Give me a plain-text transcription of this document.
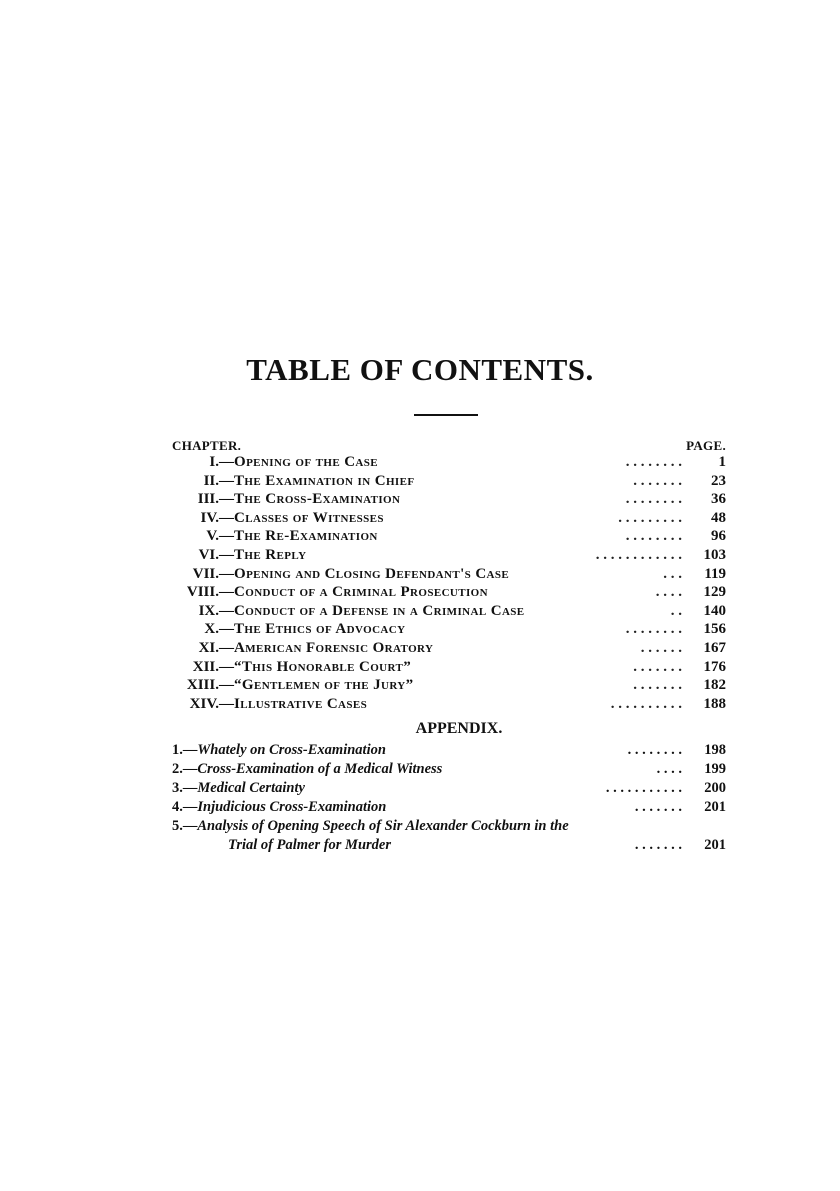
TABLE OF CONTENTS.
CHAPTER.	PAGE.
I.— Opening of the Case	. . . . . . . . 1
II.— The Examination in Chief	. . . . . . . 23
III.— The Cross-Examination	. . . . . . . . 36
IV.— Classes of Witnesses	. . . . . . . . . 48
V.— The Re-Examination	. . . . . . . . 96
VI.— The Reply	. . . . . . . . . . . . 103
VII.— Opening and Closing Defendant's Case	. . . 119
VIII.— Conduct of a Criminal Prosecution	. . . . 129
IX.— Conduct of a Defense in a Criminal Case	. . 140
X.— The Ethics of Advocacy	. . . . . . . . 156
XI.— American Forensic Oratory	. . . . . . 167
XII.— “This Honorable Court”	. . . . . . . 176
XIII.— “Gentlemen of the Jury”	. . . . . . . 182
XIV.— Illustrative Cases	. . . . . . . . . . 188
APPENDIX.
1.—Whately on Cross-Examination	. . . . . . . . 198
2.—Cross-Examination of a Medical Witness	. . . . 199
3.—Medical Certainty	. . . . . . . . . . . 200
4.—Injudicious Cross-Examination	. . . . . . . 201
5.—Analysis of Opening Speech of Sir Alexander Cockburn in the
Trial of Palmer for Murder	. . . . . . . 201
